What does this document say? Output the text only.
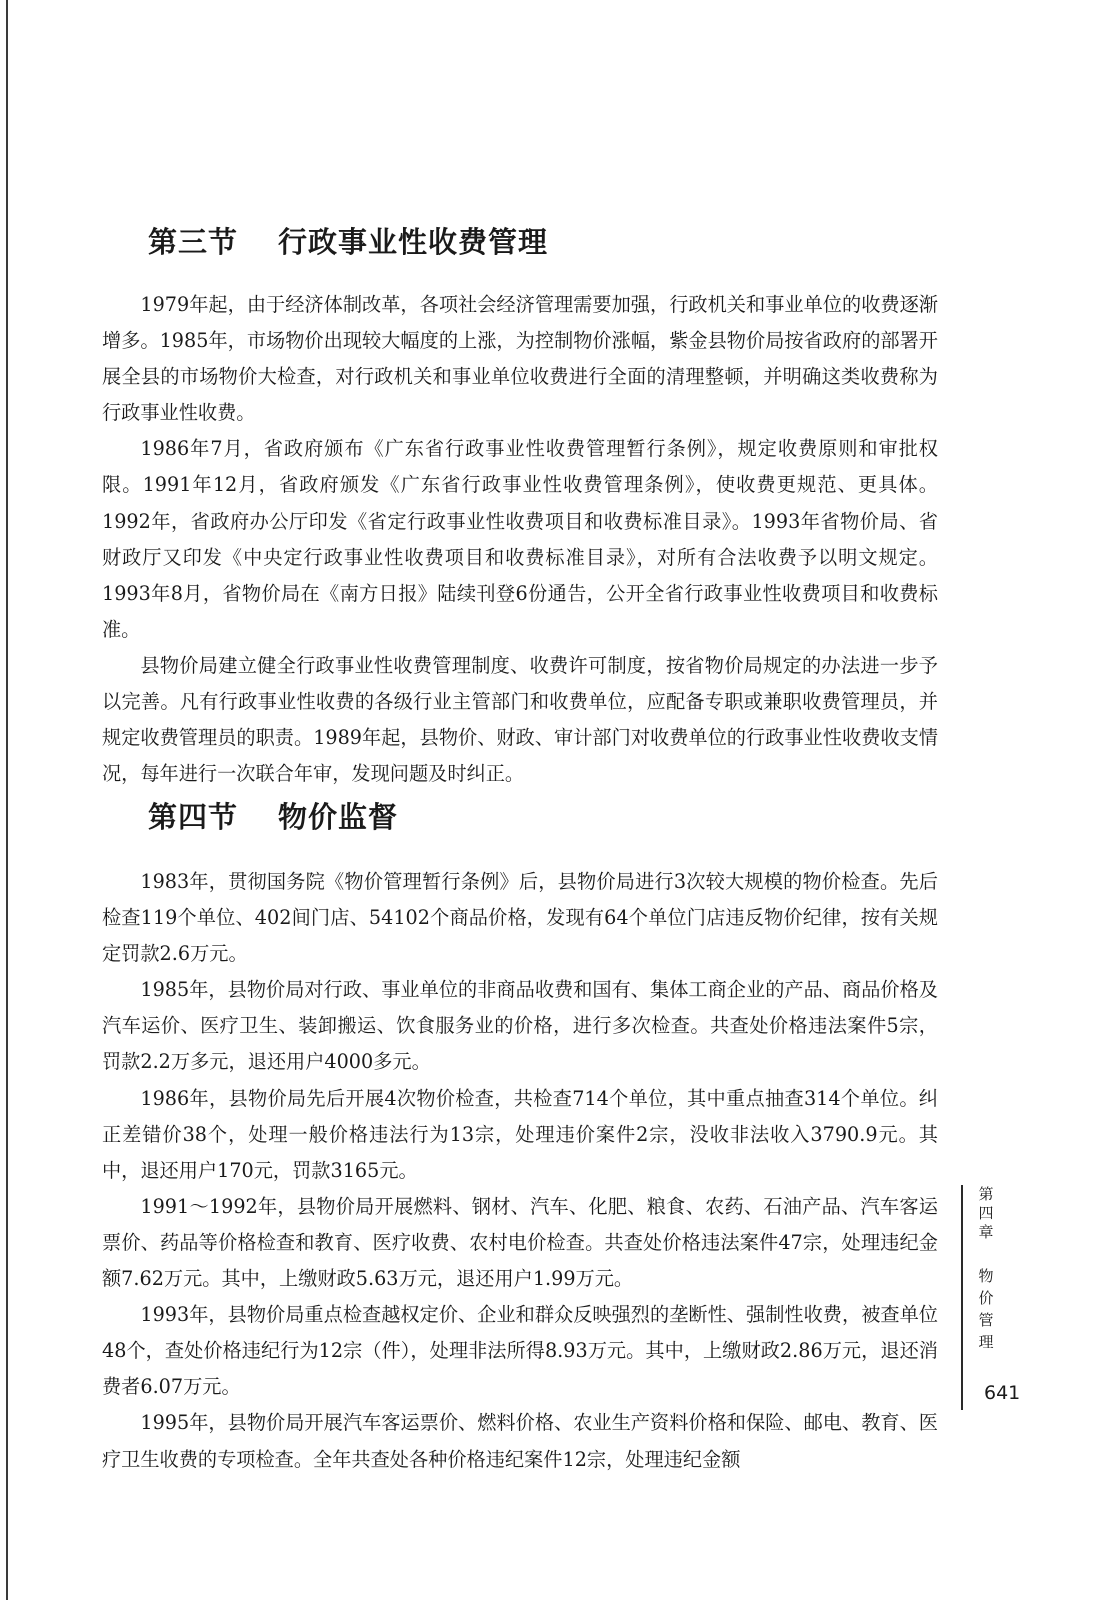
第三节 行政事业性收费管理

1979年起，由于经济体制改革，各项社会经济管理需要加强，行政机关和事业单位的收费逐渐增多。1985年，市场物价出现较大幅度的上涨，为控制物价涨幅，紫金县物价局按省政府的部署开展全县的市场物价大检查，对行政机关和事业单位收费进行全面的清理整顿，并明确这类收费称为行政事业性收费。

1986年7月，省政府颁布《广东省行政事业性收费管理暂行条例》，规定收费原则和审批权限。1991年12月，省政府颁发《广东省行政事业性收费管理条例》，使收费更规范、更具体。1992年，省政府办公厅印发《省定行政事业性收费项目和收费标准目录》。1993年省物价局、省财政厅又印发《中央定行政事业性收费项目和收费标准目录》，对所有合法收费予以明文规定。1993年8月，省物价局在《南方日报》陆续刊登6份通告，公开全省行政事业性收费项目和收费标准。

县物价局建立健全行政事业性收费管理制度、收费许可制度，按省物价局规定的办法进一步予以完善。凡有行政事业性收费的各级行业主管部门和收费单位，应配备专职或兼职收费管理员，并规定收费管理员的职责。1989年起，县物价、财政、审计部门对收费单位的行政事业性收费收支情况，每年进行一次联合年审，发现问题及时纠正。

第四节 物价监督

1983年，贯彻国务院《物价管理暂行条例》后，县物价局进行3次较大规模的物价检查。先后检查119个单位、402间门店、54102个商品价格，发现有64个单位门店违反物价纪律，按有关规定罚款2.6万元。

1985年，县物价局对行政、事业单位的非商品收费和国有、集体工商企业的产品、商品价格及汽车运价、医疗卫生、装卸搬运、饮食服务业的价格，进行多次检查。共查处价格违法案件5宗，罚款2.2万多元，退还用户4000多元。

1986年，县物价局先后开展4次物价检查，共检查714个单位，其中重点抽查314个单位。纠正差错价38个，处理一般价格违法行为13宗，处理违价案件2宗，没收非法收入3790.9元。其中，退还用户170元，罚款3165元。

1991～1992年，县物价局开展燃料、钢材、汽车、化肥、粮食、农药、石油产品、汽车客运票价、药品等价格检查和教育、医疗收费、农村电价检查。共查处价格违法案件47宗，处理违纪金额7.62万元。其中，上缴财政5.63万元，退还用户1.99万元。

1993年，县物价局重点检查越权定价、企业和群众反映强烈的垄断性、强制性收费，被查单位48个，查处价格违纪行为12宗（件），处理非法所得8.93万元。其中，上缴财政2.86万元，退还消费者6.07万元。

1995年，县物价局开展汽车客运票价、燃料价格、农业生产资料价格和保险、邮电、教育、医疗卫生收费的专项检查。全年共查处各种价格违纪案件12宗，处理违纪金额

第四章
物价管理
641
